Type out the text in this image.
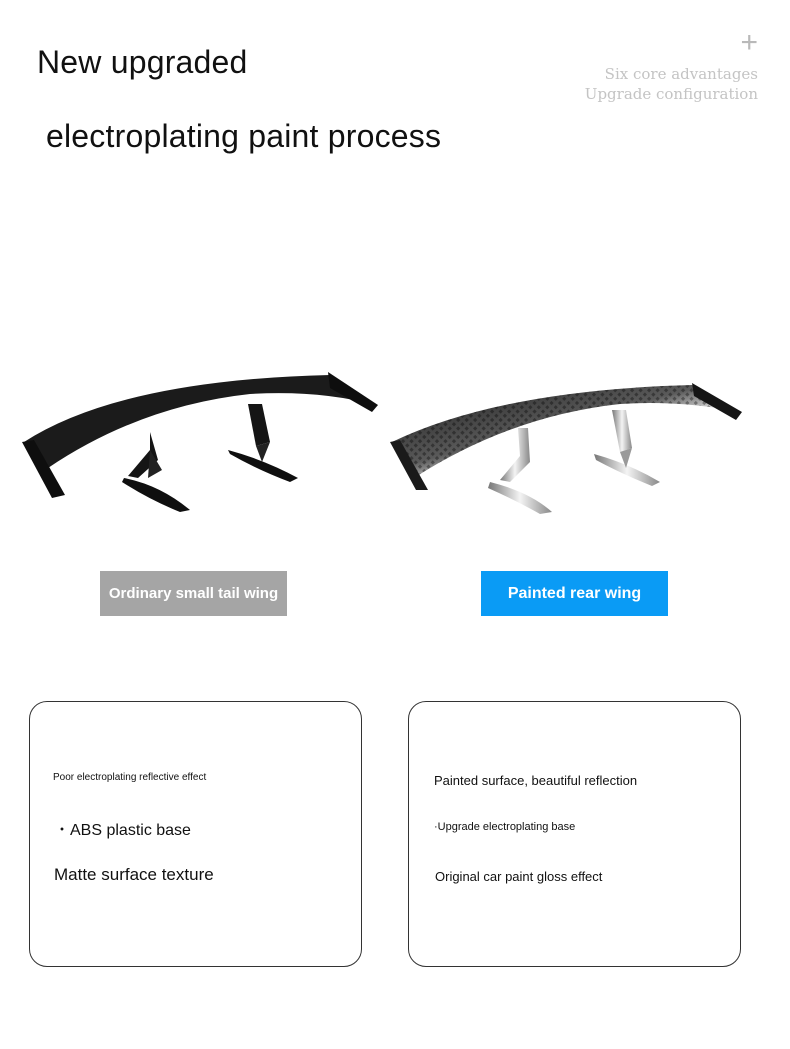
New upgraded
electroplating paint process
+
Six core advantages
Upgrade configuration
Ordinary small tail wing	Painted rear wing
Poor electroplating reflective effect
・ABS plastic base
Matte surface texture
Painted surface, beautiful reflection
·Upgrade electroplating base
Original car paint gloss effect
